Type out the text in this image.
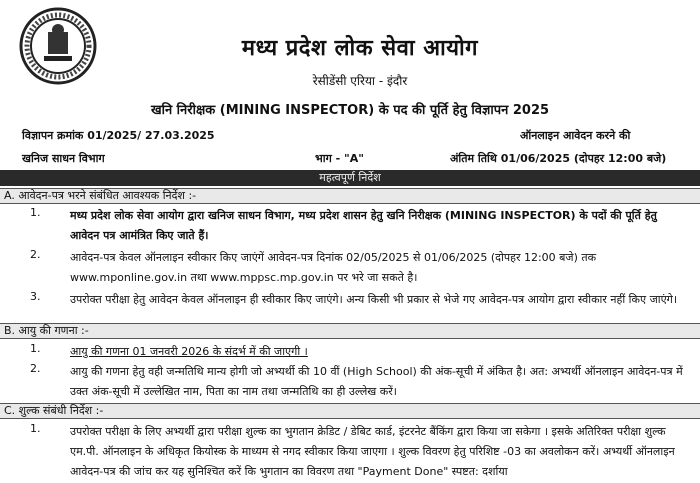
मध्य प्रदेश लोक सेवा आयोग
रेसीडेंसी एरिया - इंदौर
खनि निरीक्षक (MINING INSPECTOR) के पद की पूर्ति हेतु विज्ञापन 2025
विज्ञापन क्रमांक 01/2025/ 27.03.2025	ऑनलाइन आवेदन करने की
खनिज साधन विभाग	भाग - "A"	अंतिम तिथि 01/06/2025 (दोपहर 12:00 बजे)
महत्वपूर्ण निर्देश
A. आवेदन-पत्र भरने संबंधित आवश्यक निर्देश :-
1.	मध्य प्रदेश लोक सेवा आयोग द्वारा खनिज साधन विभाग, मध्य प्रदेश शासन हेतु खनि निरीक्षक (MINING INSPECTOR) के पदों की पूर्ति हेतु आवेदन पत्र आमंत्रित किए जाते हैं।
2.	आवेदन-पत्र केवल ऑनलाइन स्वीकार किए जाएंगें आवेदन-पत्र दिनांक 02/05/2025 से 01/06/2025 (दोपहर 12:00 बजे) तक www.mponline.gov.in तथा www.mppsc.mp.gov.in पर भरे जा सकते है।
3.	उपरोक्त परीक्षा हेतु आवेदन केवल ऑनलाइन ही स्वीकार किए जाएंगे। अन्य किसी भी प्रकार से भेजे गए आवेदन-पत्र आयोग द्वारा स्वीकार नहीं किए जाएंगे।
B. आयु की गणना :-
1.	आयु की गणना 01 जनवरी 2026 के संदर्भ में की जाएगी ।
2.	आयु की गणना हेतु वही जन्मतिथि मान्य होगी जो अभ्यर्थी की 10 वीं (High School) की अंक-सूची में अंकित है। अत: अभ्यर्थी ऑनलाइन आवेदन-पत्र में उक्त अंक-सूची में उल्लेखित नाम, पिता का नाम तथा जन्मतिथि का ही उल्लेख करें।
C. शुल्क संबंधी निर्देश :-
1.	उपरोक्त परीक्षा के लिए अभ्यर्थी द्वारा परीक्षा शुल्क का भुगतान क्रेडिट / डेबिट कार्ड, इंटरनेट बैंकिंग द्वारा किया जा सकेगा । इसके अतिरिक्त परीक्षा शुल्क एम.पी. ऑनलाइन के अधिकृत कियोस्क के माध्यम से नगद स्वीकार किया जाएगा । शुल्क विवरण हेतु परिशिष्ट -03 का अवलोकन करें। अभ्यर्थी ऑनलाइन आवेदन-पत्र की जांच कर यह सुनिश्चित करें कि भुगतान का विवरण तथा "Payment Done" स्पष्टत: दर्शाया
